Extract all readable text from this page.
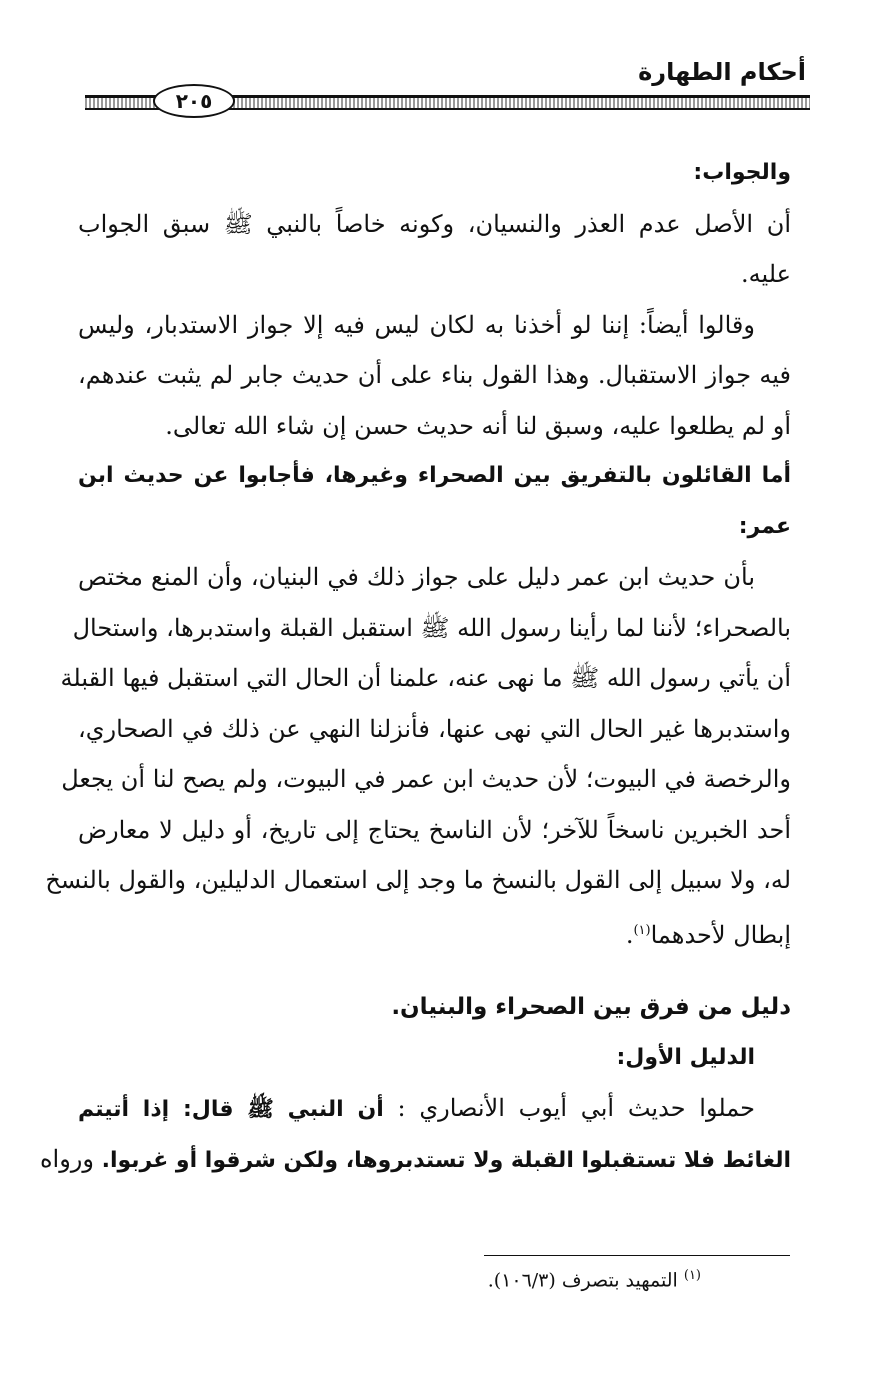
أحكام الطهارة
٢٠٥
والجواب:
أن الأصل عدم العذر والنسيان، وكونه خاصاً بالنبي ﷺ سبق الجواب
عليه.
وقالوا أيضاً: إننا لو أخذنا به لكان ليس فيه إلا جواز الاستدبار، وليس
فيه جواز الاستقبال. وهذا القول بناء على أن حديث جابر لم يثبت عندهم،
أو لم يطلعوا عليه، وسبق لنا أنه حديث حسن إن شاء الله تعالى.
أما القائلون بالتفريق بين الصحراء وغيرها، فأجابوا عن حديث ابن
عمر:
بأن حديث ابن عمر دليل على جواز ذلك في البنيان، وأن المنع مختص
بالصحراء؛ لأننا لما رأينا رسول الله ﷺ استقبل القبلة واستدبرها، واستحال
أن يأتي رسول الله ﷺ ما نهى عنه، علمنا أن الحال التي استقبل فيها القبلة
واستدبرها غير الحال التي نهى عنها، فأنزلنا النهي عن ذلك في الصحاري،
والرخصة في البيوت؛ لأن حديث ابن عمر في البيوت، ولم يصح لنا أن يجعل
أحد الخبرين ناسخاً للآخر؛ لأن الناسخ يحتاج إلى تاريخ، أو دليل لا معارض
له، ولا سبيل إلى القول بالنسخ ما وجد إلى استعمال الدليلين، والقول بالنسخ
إبطال لأحدهما$^{(١)}$.
دليل من فرق بين الصحراء والبنيان.
الدليل الأول:
حملوا حديث أبي أيوب الأنصاري : أن النبي ﷺ قال: إذا أتيتم
الغائط فلا تستقبلوا القبلة ولا تستدبروها، ولكن شرقوا أو غربوا. ورواه
$^{(١)}$ التمهيد بتصرف (١٠٦/٣).
